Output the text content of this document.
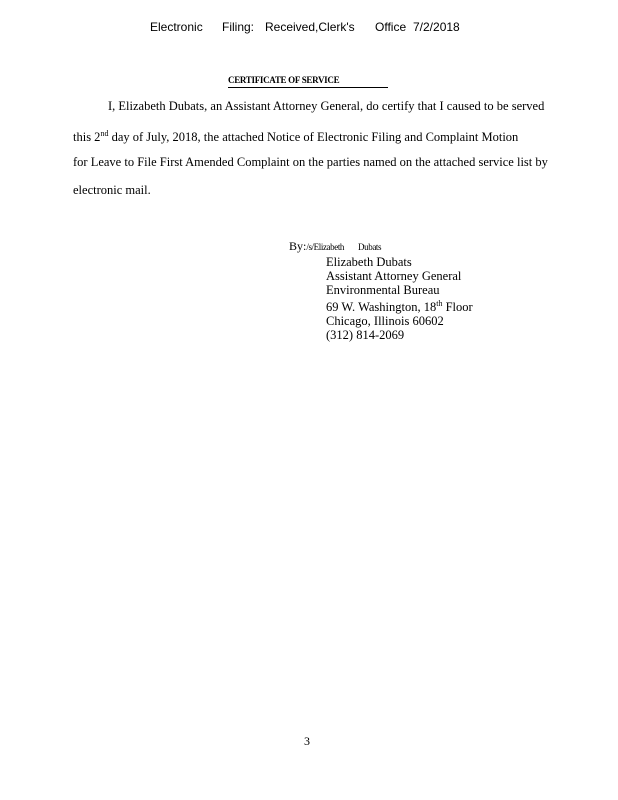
Electronic Filing: Received,Clerk's Office 7/2/2018
CERTIFICATE OF SERVICE
I, Elizabeth Dubats, an Assistant Attorney General, do certify that I caused to be served
this 2nd day of July, 2018, the attached Notice of Electronic Filing and Complaint Motion
for Leave to File First Amended Complaint on the parties named on the attached service list by
electronic mail.
By:/s/Elizabeth Dubats
Elizabeth Dubats
Assistant Attorney General
Environmental Bureau
69 W. Washington, 18th Floor
Chicago, Illinois 60602
(312) 814-2069
3
